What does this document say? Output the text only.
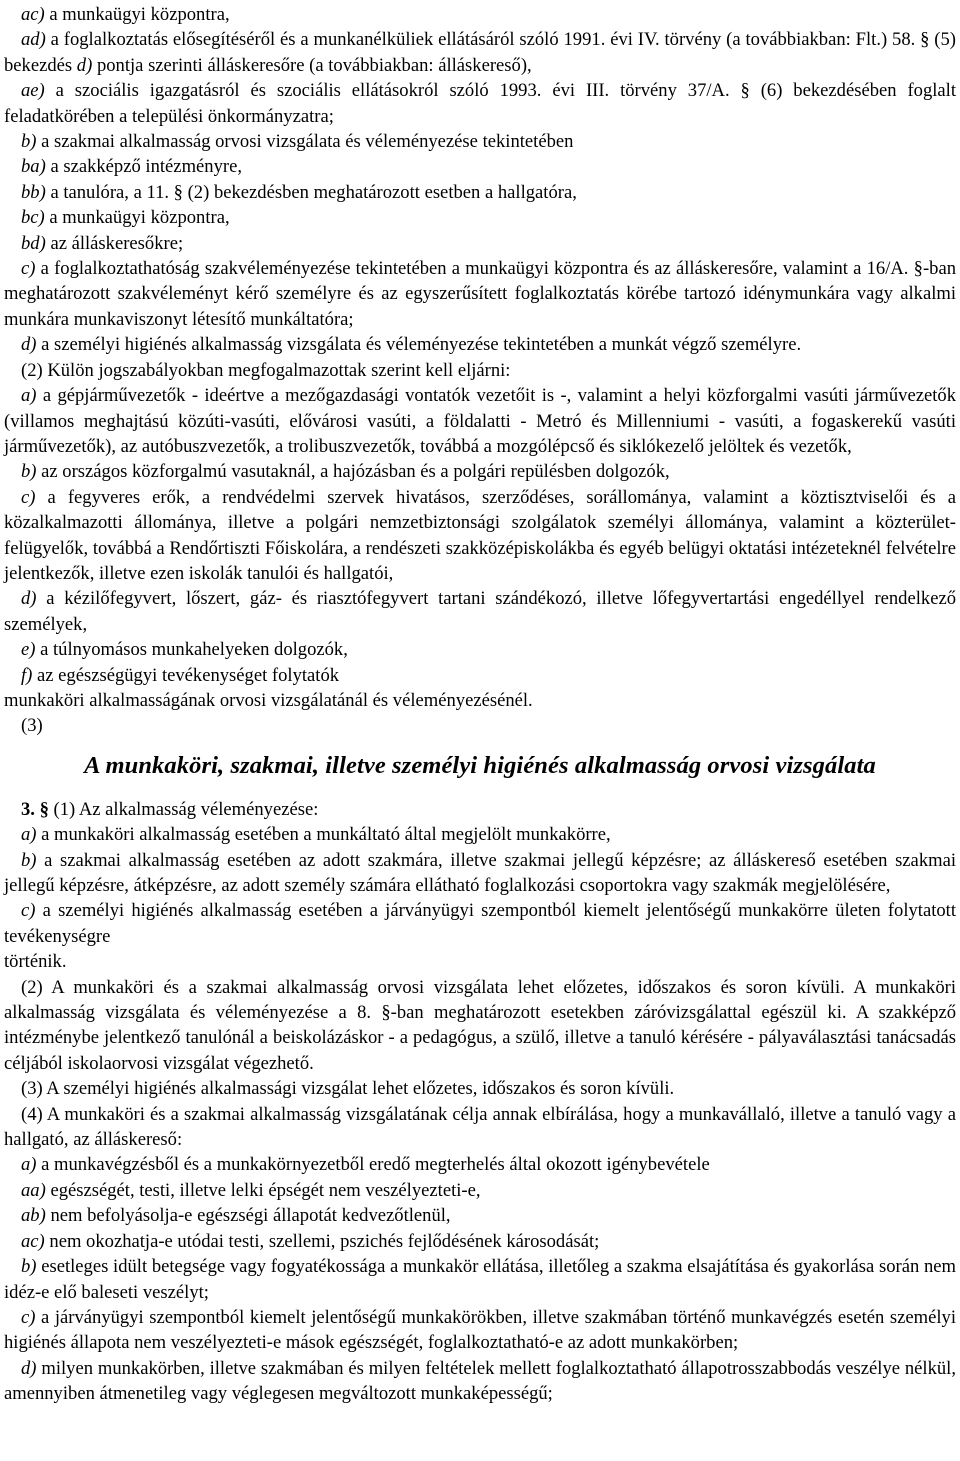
ac) a munkaügyi központra,

ad) a foglalkoztatás elősegítéséről és a munkanélküliek ellátásáról szóló 1991. évi IV. törvény (a továbbiakban: Flt.) 58. § (5) bekezdés d) pontja szerinti álláskeresőre (a továbbiakban: álláskereső),

ae) a szociális igazgatásról és szociális ellátásokról szóló 1993. évi III. törvény 37/A. § (6) bekezdésében foglalt feladatkörében a települési önkormányzatra;

b) a szakmai alkalmasság orvosi vizsgálata és véleményezése tekintetében

ba) a szakképző intézményre,

bb) a tanulóra, a 11. § (2) bekezdésben meghatározott esetben a hallgatóra,

bc) a munkaügyi központra,

bd) az álláskeresőkre;

c) a foglalkoztathatóság szakvéleményezése tekintetében a munkaügyi központra és az álláskeresőre, valamint a 16/A. §-ban meghatározott szakvéleményt kérő személyre és az egyszerűsített foglalkoztatás körébe tartozó idénymunkára vagy alkalmi munkára munkaviszonyt létesítő munkáltatóra;

d) a személyi higiénés alkalmasság vizsgálata és véleményezése tekintetében a munkát végző személyre.

(2) Külön jogszabályokban megfogalmazottak szerint kell eljárni:

a) a gépjárművezetők - ideértve a mezőgazdasági vontatók vezetőit is -, valamint a helyi közforgalmi vasúti járművezetők (villamos meghajtású közúti-vasúti, elővárosi vasúti, a földalatti - Metró és Millenniumi - vasúti, a fogaskerekű vasúti járművezetők), az autóbuszvezetők, a trolibuszvezetők, továbbá a mozgólépcső és siklókezelő jelöltek és vezetők,

b) az országos közforgalmú vasutaknál, a hajózásban és a polgári repülésben dolgozók,

c) a fegyveres erők, a rendvédelmi szervek hivatásos, szerződéses, sorállománya, valamint a köztisztviselői és a közalkalmazotti állománya, illetve a polgári nemzetbiztonsági szolgálatok személyi állománya, valamint a közterület-felügyelők, továbbá a Rendőrtiszti Főiskolára, a rendészeti szakközépiskolákba és egyéb belügyi oktatási intézeteknél felvételre jelentkezők, illetve ezen iskolák tanulói és hallgatói,

d) a kézilőfegyvert, lőszert, gáz- és riasztófegyvert tartani szándékozó, illetve lőfegyvertartási engedéllyel rendelkező személyek,

e) a túlnyomásos munkahelyeken dolgozók,

f) az egészségügyi tevékenységet folytatók

munkaköri alkalmasságának orvosi vizsgálatánál és véleményezésénél.

(3)

A munkaköri, szakmai, illetve személyi higiénés alkalmasság orvosi vizsgálata

3. § (1) Az alkalmasság véleményezése:

a) a munkaköri alkalmasság esetében a munkáltató által megjelölt munkakörre,

b) a szakmai alkalmasság esetében az adott szakmára, illetve szakmai jellegű képzésre; az álláskereső esetében szakmai jellegű képzésre, átképzésre, az adott személy számára ellátható foglalkozási csoportokra vagy szakmák megjelölésére,

c) a személyi higiénés alkalmasság esetében a járványügyi szempontból kiemelt jelentőségű munkakörre ületen folytatott tevékenységre

történik.

(2) A munkaköri és a szakmai alkalmasság orvosi vizsgálata lehet előzetes, időszakos és soron kívüli. A munkaköri alkalmasság vizsgálata és véleményezése a 8. §-ban meghatározott esetekben záróvizsgálattal egészül ki. A szakképző intézménybe jelentkező tanulónál a beiskolázáskor - a pedagógus, a szülő, illetve a tanuló kérésére - pályaválasztási tanácsadás céljából iskolaorvosi vizsgálat végezhető.

(3) A személyi higiénés alkalmassági vizsgálat lehet előzetes, időszakos és soron kívüli.

(4) A munkaköri és a szakmai alkalmasság vizsgálatának célja annak elbírálása, hogy a munkavállaló, illetve a tanuló vagy a hallgató, az álláskereső:

a) a munkavégzésből és a munkakörnyezetből eredő megterhelés által okozott igénybevétele

aa) egészségét, testi, illetve lelki épségét nem veszélyezteti-e,

ab) nem befolyásolja-e egészségi állapotát kedvezőtlenül,

ac) nem okozhatja-e utódai testi, szellemi, pszichés fejlődésének károsodását;

b) esetleges idült betegsége vagy fogyatékossága a munkakör ellátása, illetőleg a szakma elsajátítása és gyakorlása során nem idéz-e elő baleseti veszélyt;

c) a járványügyi szempontból kiemelt jelentőségű munkakörökben, illetve szakmában történő munkavégzés esetén személyi higiénés állapota nem veszélyezteti-e mások egészségét, foglalkoztatható-e az adott munkakörben;

d) milyen munkakörben, illetve szakmában és milyen feltételek mellett foglalkoztatható állapotrosszabbodás veszélye nélkül, amennyiben átmenetileg vagy véglegesen megváltozott munkaképességű;
